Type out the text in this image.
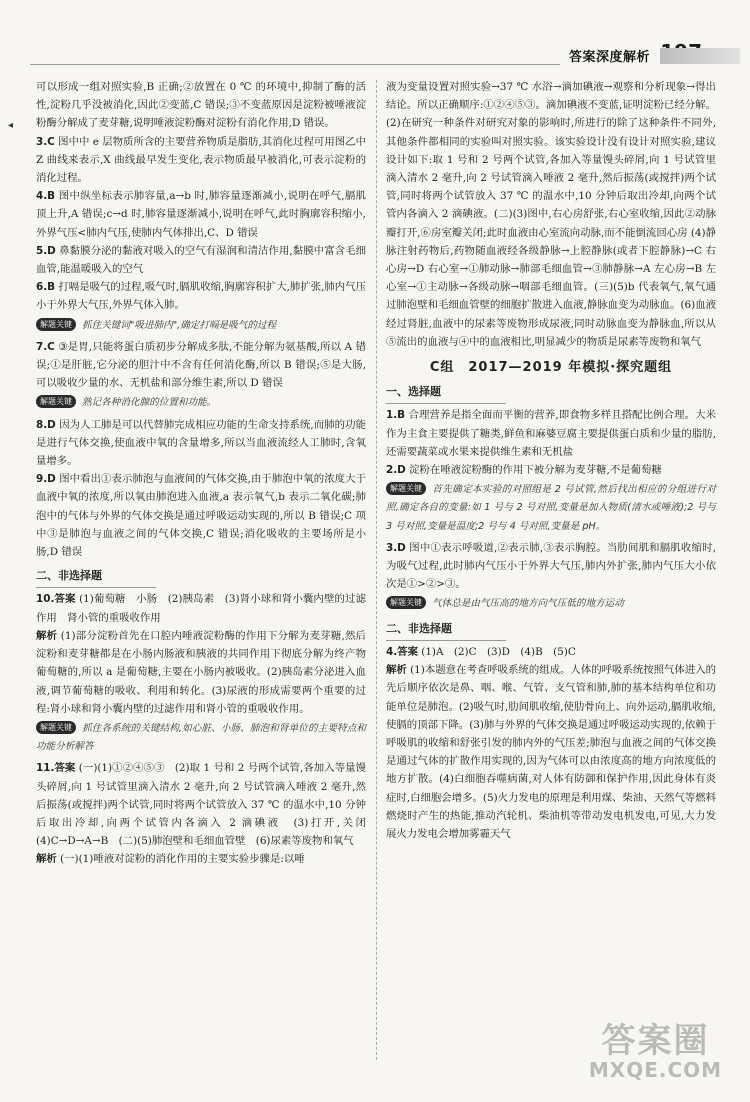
答案深度解析
◂

可以形成一组对照实验,B 正确;②放置在 0 ℃ 的环境中,抑制了酶的活性,淀粉几乎没被消化,因此②变蓝,C 错误;③不变蓝原因是淀粉被唾液淀粉酶分解成了麦芽糖,说明唾液淀粉酶对淀粉有消化作用,D 错误。

3.C 图中中 e 层物质所含的主要营养物质是脂肪,其消化过程可用图乙中 Z 曲线来表示,X 曲线最早发生变化,表示物质最早被消化,可表示淀粉的消化过程。

4.B 图中纵坐标表示肺容量,a→b 时,肺容量逐渐减小,说明在呼气,膈肌顶上升,A 错误;c→d 时,肺容量逐渐减小,说明在呼气,此时胸廓容积缩小,外界气压<肺内气压,使肺内气体排出,C、D 错误

5.D 鼻黏膜分泌的黏液对吸入的空气有湿润和清洁作用,黏膜中富含毛细血管,能温暖吸入的空气

6.B 打嗝是吸气的过程,吸气时,膈肌收缩,胸廓容积扩大,肺扩张,肺内气压小于外界大气压,外界气体入肺。

解题关键 抓住关键词"吸进肺内",确定打嗝是吸气的过程

7.C ③是胃,只能将蛋白质初步分解成多肽,不能分解为氨基酸,所以 A 错误;①是肝脏,它分泌的胆汁中不含有任何消化酶,所以 B 错误;⑤是大肠,可以吸收少量的水、无机盐和部分维生素,所以 D 错误

解题关键 熟记各种消化腺的位置和功能。

8.D 因为人工肺是可以代替肺完成相应功能的生命支持系统,而肺的功能是进行气体交换,使血液中氧的含量增多,所以当血液流经人工肺时,含氧量增多。

9.D 图中看出①表示肺泡与血液间的气体交换,由于肺泡中氧的浓度大于血液中氧的浓度,所以氧由肺泡进入血液,a 表示氧气,b 表示二氧化碳;肺泡中的气体与外界的气体交换是通过呼吸运动实现的,所以 B 错误;C 项中③是肺泡与血液之间的气体交换,C 错误;消化吸收的主要场所是小肠,D 错误

二、非选择题

10.答案 (1)葡萄糖　小肠　(2)胰岛素　(3)肾小球和肾小囊内壁的过滤作用　肾小管的重吸收作用

解析 (1)部分淀粉首先在口腔内唾液淀粉酶的作用下分解为麦芽糖,然后淀粉和麦芽糖都是在小肠内肠液和胰液的共同作用下彻底分解为终产物葡萄糖的,所以 a 是葡萄糖,主要在小肠内被吸收。(2)胰岛素分泌进入血液,调节葡萄糖的吸收、利用和转化。(3)尿液的形成需要两个重要的过程:肾小球和肾小囊内壁的过滤作用和肾小管的重吸收作用。

解题关键 抓住各系统的关键结构,如心脏、小肠、肺泡和肾单位的主要特点和功能分析解答

11.答案 (一)(1)①②④⑤③　(2)取 1 号和 2 号两个试管,各加入等量馒头碎屑,向 1 号试管里滴入清水 2 毫升,向 2 号试管滴入唾液 2 毫升,然后振荡(或搅拌)两个试管,同时将两个试管放入 37 ℃ 的温水中,10 分钟后取出冷却,向两个试管内各滴入 2 滴碘液　(3)打开,关闭　(4)C→D→A→B　(二)(5)肺泡壁和毛细血管壁　(6)尿素等废物和氧气

解析 (一)(1)唾液对淀粉的消化作用的主要实验步骤是:以唾

液为变量设置对照实验→37 ℃ 水浴→滴加碘液→观察和分析现象→得出结论。所以正确顺序:①②④⑤③。滴加碘液不变蓝,证明淀粉已经分解。(2)在研究一种条件对研究对象的影响时,所进行的除了这种条件不同外,其他条件都相同的实验叫对照实验。该实验设计没有设计对照实验,建议设计如下:取 1 号和 2 号两个试管,各加入等量馒头碎屑,向 1 号试管里滴入清水 2 毫升,向 2 号试管滴入唾液 2 毫升,然后振荡(或搅拌)两个试管,同时将两个试管放入 37 ℃ 的温水中,10 分钟后取出冷却,向两个试管内各滴入 2 滴碘液。(二)(3)图中,右心房舒张,右心室收缩,因此②动脉瓣打开,⑥房室瓣关闭;此时血液由心室流向动脉,而不能倒流回心房 (4)静脉注射药物后,药物随血液经各级静脉→上腔静脉(或者下腔静脉)→C 右心房→D 右心室→①肺动脉→肺部毛细血管→③肺静脉→A 左心房→B 左心室→①主动脉→各级动脉→咽部毛细血管。(三)(5)b 代表氧气,氧气通过肺泡壁和毛细血管壁的细胞扩散进入血液,静脉血变为动脉血。(6)血液经过肾脏,血液中的尿素等废物形成尿液,同时动脉血变为静脉血,所以从⑤流出的血液与④中的血液相比,明显减少的物质是尿素等废物和氧气

C组　2017—2019 年模拟·探究题组
一、选择题

1.B 合理营养是指全面而平衡的营养,即食物多样且搭配比例合理。大米作为主食主要提供了糖类,鲜鱼和麻婆豆腐主要提供蛋白质和少量的脂肪,还需要蔬菜或水果来提供维生素和无机盐

2.D 淀粉在唾液淀粉酶的作用下被分解为麦芽糖,不是葡萄糖

解题关键 首先确定本实验的对照组是 2 号试管,然后找出相应的分组进行对照,确定各自的变量:如 1 号与 2 号对照,变量是加入物质(清水或唾液);2 号与 3 号对照,变量是温度;2 号与 4 号对照,变量是 pH。

3.D 图中①表示呼吸道,②表示肺,③表示胸腔。当肋间肌和膈肌收缩时,为吸气过程,此时肺内气压小于外界大气压,肺内外扩张,肺内气压大小依次是①>②>③。

解题关键 气体总是由气压高的地方向气压低的地方运动
二、非选择题

4.答案 (1)A　(2)C　(3)D　(4)B　(5)C

解析 (1)本题意在考查呼吸系统的组成。人体的呼吸系统按照气体进入的先后顺序依次是鼻、咽、喉、气管、支气管和肺,肺的基本结构单位和功能单位是肺泡。(2)吸气时,肋间肌收缩,使肋骨向上、向外运动,膈肌收缩,使膈的顶部下降。(3)肺与外界的气体交换是通过呼吸运动实现的,依赖于呼吸肌的收缩和舒张引发的肺内外的气压差;肺泡与血液之间的气体交换是通过气体的扩散作用实现的,因为气体可以由浓度高的地方向浓度低的地方扩散。(4)白细胞吞噬病菌,对人体有防御和保护作用,因此身体有炎症时,白细胞会增多。(5)火力发电的原理是利用煤、柴油、天然气等燃料燃烧时产生的热能,推动汽轮机、柴油机等带动发电机发电,可见,大力发展火力发电会增加雾霾天气

答案圈
MXQE.COM
